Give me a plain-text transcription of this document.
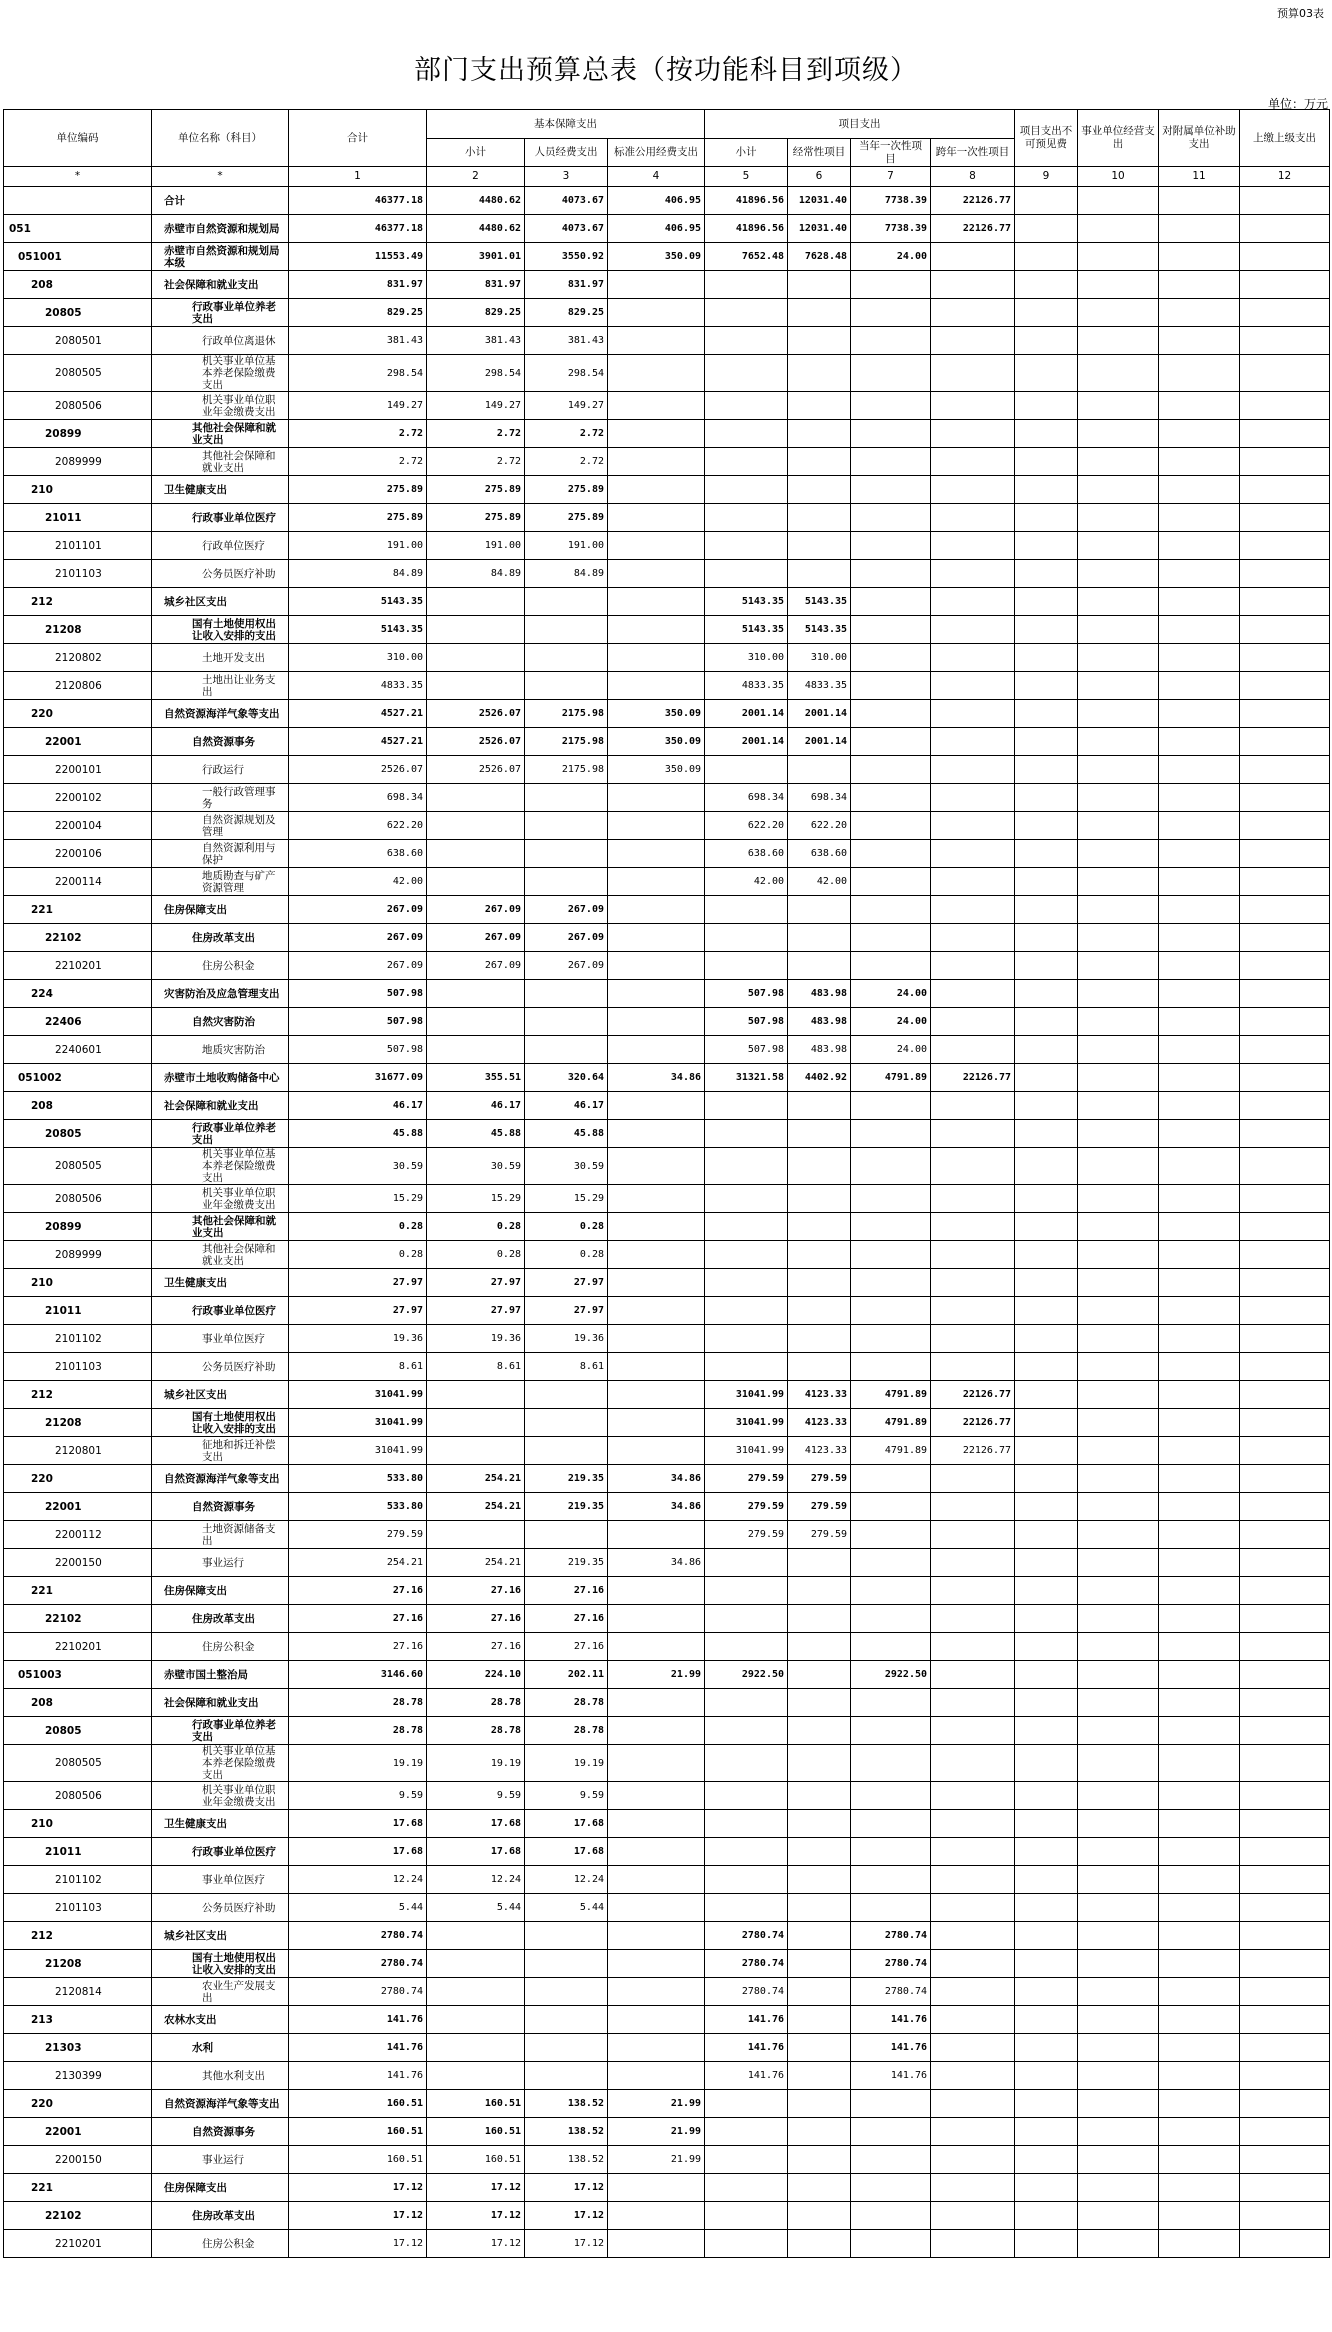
预算03表
部门支出预算总表（按功能科目到项级）
单位：万元
单位编码	单位名称（科目）	合计	基本保障支出			项目支出				项目支出不可预见费	事业单位经营支出	对附属单位补助支出	上缴上级支出
			小计	人员经费支出	标准公用经费支出	小计	经常性项目	当年一次性项目	跨年一次性项目				
*	*	1	2	3	4	5	6	7	8	9	10	11	12
	合计	46377.18	4480.62	4073.67	406.95	41896.56	12031.40	7738.39	22126.77				
051	赤壁市自然资源和规划局	46377.18	4480.62	4073.67	406.95	41896.56	12031.40	7738.39	22126.77				
051001	赤壁市自然资源和规划局本级	11553.49	3901.01	3550.92	350.09	7652.48	7628.48	24.00					
208	社会保障和就业支出	831.97	831.97	831.97									
20805	行政事业单位养老支出	829.25	829.25	829.25									
2080501	行政单位离退休	381.43	381.43	381.43									
2080505	机关事业单位基本养老保险缴费支出	298.54	298.54	298.54									
2080506	机关事业单位职业年金缴费支出	149.27	149.27	149.27									
20899	其他社会保障和就业支出	2.72	2.72	2.72									
2089999	其他社会保障和就业支出	2.72	2.72	2.72									
210	卫生健康支出	275.89	275.89	275.89									
21011	行政事业单位医疗	275.89	275.89	275.89									
2101101	行政单位医疗	191.00	191.00	191.00									
2101103	公务员医疗补助	84.89	84.89	84.89									
212	城乡社区支出	5143.35				5143.35	5143.35						
21208	国有土地使用权出让收入安排的支出	5143.35				5143.35	5143.35						
2120802	土地开发支出	310.00				310.00	310.00						
2120806	土地出让业务支出	4833.35				4833.35	4833.35						
220	自然资源海洋气象等支出	4527.21	2526.07	2175.98	350.09	2001.14	2001.14						
22001	自然资源事务	4527.21	2526.07	2175.98	350.09	2001.14	2001.14						
2200101	行政运行	2526.07	2526.07	2175.98	350.09								
2200102	一般行政管理事务	698.34				698.34	698.34						
2200104	自然资源规划及管理	622.20				622.20	622.20						
2200106	自然资源利用与保护	638.60				638.60	638.60						
2200114	地质勘查与矿产资源管理	42.00				42.00	42.00						
221	住房保障支出	267.09	267.09	267.09									
22102	住房改革支出	267.09	267.09	267.09									
2210201	住房公积金	267.09	267.09	267.09									
224	灾害防治及应急管理支出	507.98				507.98	483.98	24.00					
22406	自然灾害防治	507.98				507.98	483.98	24.00					
2240601	地质灾害防治	507.98				507.98	483.98	24.00					
051002	赤壁市土地收购储备中心	31677.09	355.51	320.64	34.86	31321.58	4402.92	4791.89	22126.77				
208	社会保障和就业支出	46.17	46.17	46.17									
20805	行政事业单位养老支出	45.88	45.88	45.88									
2080505	机关事业单位基本养老保险缴费支出	30.59	30.59	30.59									
2080506	机关事业单位职业年金缴费支出	15.29	15.29	15.29									
20899	其他社会保障和就业支出	0.28	0.28	0.28									
2089999	其他社会保障和就业支出	0.28	0.28	0.28									
210	卫生健康支出	27.97	27.97	27.97									
21011	行政事业单位医疗	27.97	27.97	27.97									
2101102	事业单位医疗	19.36	19.36	19.36									
2101103	公务员医疗补助	8.61	8.61	8.61									
212	城乡社区支出	31041.99				31041.99	4123.33	4791.89	22126.77				
21208	国有土地使用权出让收入安排的支出	31041.99				31041.99	4123.33	4791.89	22126.77				
2120801	征地和拆迁补偿支出	31041.99				31041.99	4123.33	4791.89	22126.77				
220	自然资源海洋气象等支出	533.80	254.21	219.35	34.86	279.59	279.59						
22001	自然资源事务	533.80	254.21	219.35	34.86	279.59	279.59						
2200112	土地资源储备支出	279.59				279.59	279.59						
2200150	事业运行	254.21	254.21	219.35	34.86								
221	住房保障支出	27.16	27.16	27.16									
22102	住房改革支出	27.16	27.16	27.16									
2210201	住房公积金	27.16	27.16	27.16									
051003	赤壁市国土整治局	3146.60	224.10	202.11	21.99	2922.50		2922.50					
208	社会保障和就业支出	28.78	28.78	28.78									
20805	行政事业单位养老支出	28.78	28.78	28.78									
2080505	机关事业单位基本养老保险缴费支出	19.19	19.19	19.19									
2080506	机关事业单位职业年金缴费支出	9.59	9.59	9.59									
210	卫生健康支出	17.68	17.68	17.68									
21011	行政事业单位医疗	17.68	17.68	17.68									
2101102	事业单位医疗	12.24	12.24	12.24									
2101103	公务员医疗补助	5.44	5.44	5.44									
212	城乡社区支出	2780.74				2780.74		2780.74					
21208	国有土地使用权出让收入安排的支出	2780.74				2780.74		2780.74					
2120814	农业生产发展支出	2780.74				2780.74		2780.74					
213	农林水支出	141.76				141.76		141.76					
21303	水利	141.76				141.76		141.76					
2130399	其他水利支出	141.76				141.76		141.76					
220	自然资源海洋气象等支出	160.51	160.51	138.52	21.99								
22001	自然资源事务	160.51	160.51	138.52	21.99								
2200150	事业运行	160.51	160.51	138.52	21.99								
221	住房保障支出	17.12	17.12	17.12									
22102	住房改革支出	17.12	17.12	17.12									
2210201	住房公积金	17.12	17.12	17.12									
